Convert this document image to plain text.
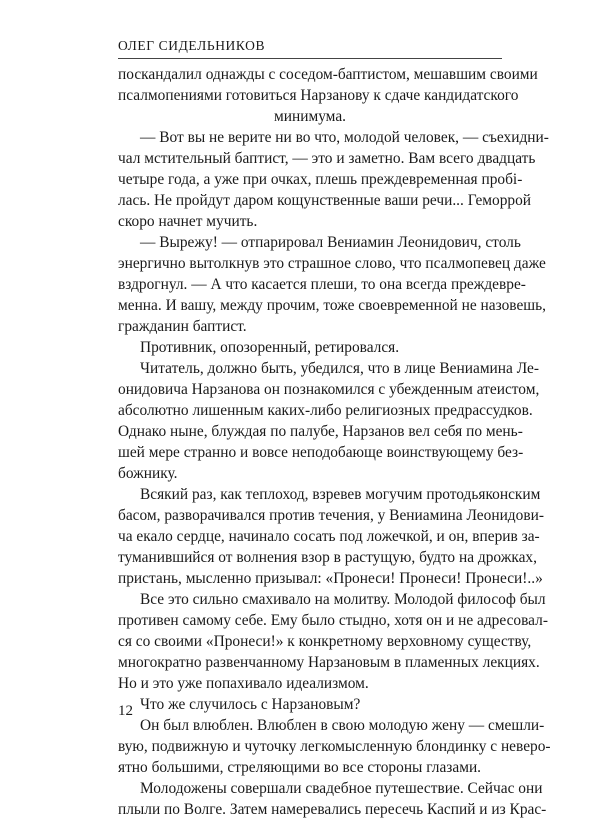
ОЛЕГ СИДЕЛЬНИКОВ

поскандалил однажды с соседом-баптистом, мешавшим своими

псалмопениями готовиться Нарзанову к сдаче кандидатского

минимума.

— Вот вы не верите ни во что, молодой человек, — съехидни-

чал мстительный баптист, — это и заметно. Вам всего двадцать

четыре года, а уже при очках, плешь преждевременная пробі-

лась. Не пройдут даром кощунственные ваши речи... Геморрой

скоро начнет мучить.

— Вырежу! — отпарировал Вениамин Леонидович, столь

энергично вытолкнув это страшное слово, что псалмопевец даже

вздрогнул. — А что касается плеши, то она всегда преждевре-

менна. И вашу, между прочим, тоже своевременной не назовешь,

гражданин баптист.

Противник, опозоренный, ретировался.

Читатель, должно быть, убедился, что в лице Вениамина Ле-

онидовича Нарзанова он познакомился с убежденным атеистом,

абсолютно лишенным каких-либо религиозных предрассудков.

Однако ныне, блуждая по палубе, Нарзанов вел себя по мень-

шей мере странно и вовсе неподобающе воинствующему без-

божнику.

Всякий раз, как теплоход, взревев могучим протодьяконским

басом, разворачивался против течения, у Вениамина Леонидови-

ча екало сердце, начинало сосать под ложечкой, и он, вперив за-

туманившийся от волнения взор в растущую, будто на дрожках,

пристань, мысленно призывал: «Пронеси! Пронеси! Пронеси!..»

Все это сильно смахивало на молитву. Молодой философ был

противен самому себе. Ему было стыдно, хотя он и не адресовал-

ся со своими «Пронеси!» к конкретному верховному существу,

многократно развенчанному Нарзановым в пламенных лекциях.

Но и это уже попахивало идеализмом.

Что же случилось с Нарзановым?

Он был влюблен. Влюблен в свою молодую жену — смешли-

вую, подвижную и чуточку легкомысленную блондинку с неверо-

ятно большими, стреляющими во все стороны глазами.

Молодожены совершали свадебное путешествие. Сейчас они

плыли по Волге. Затем намеревались пересечь Каспий и из Крас-

12
